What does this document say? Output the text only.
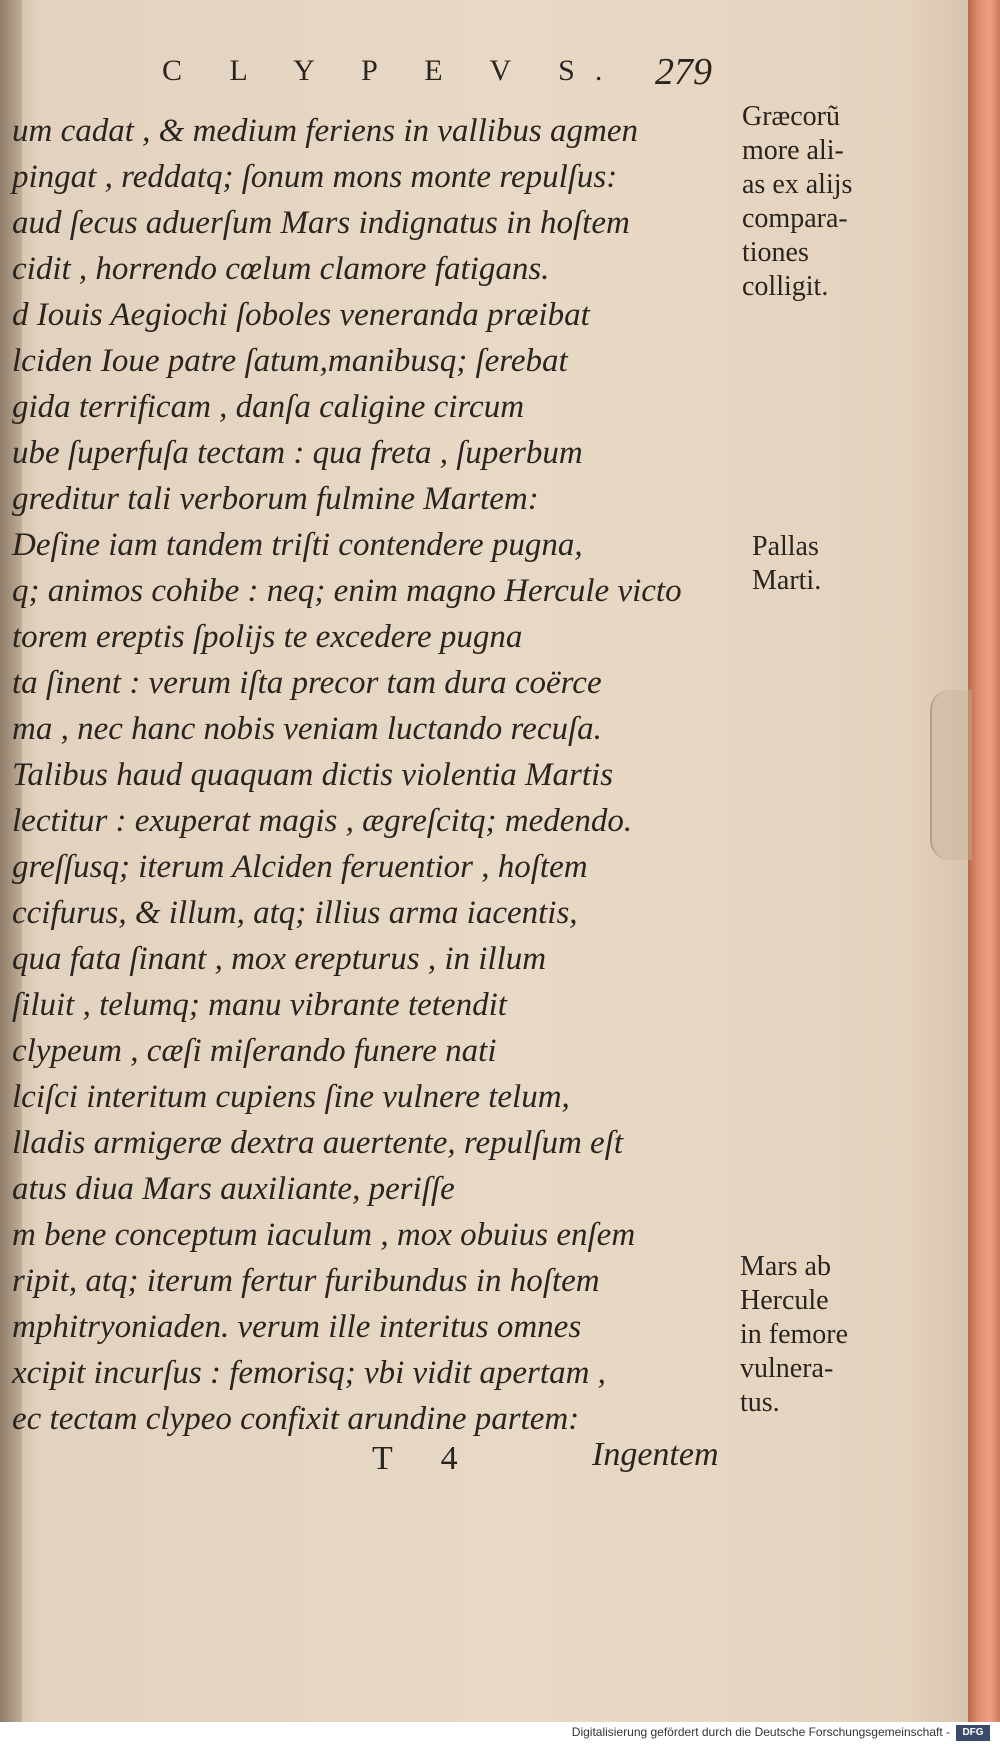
C L Y P E V S. 279
um cadat , & medium feriens in vallibus agmen
pingat , reddatq; ſonum mons monte repulſus:
aud ſecus aduerſum Mars indignatus in hoſtem
cidit , horrendo cœlum clamore fatigans.
d Iouis Aegiochi ſoboles veneranda præibat
lciden Ioue patre ſatum,manibusq; ſerebat
gida terrificam , danſa caligine circum
ube ſuperfuſa tectam : qua freta , ſuperbum
greditur tali verborum fulmine Martem:
Deſine iam tandem triſti contendere pugna,
q; animos cohibe : neq; enim magno Hercule victo
torem ereptis ſpolijs te excedere pugna
ta ſinent : verum iſta precor tam dura coërce
ma , nec hanc nobis veniam luctando recuſa.
Talibus haud quaquam dictis violentia Martis
lectitur : exuperat magis , ægreſcitq; medendo.
greſſusq; iterum Alciden feruentior , hoſtem
ccifurus, & illum, atq; illius arma iacentis,
qua fata ſinant , mox erepturus , in illum
ſiluit , telumq; manu vibrante tetendit
clypeum , cæſi miſerando funere nati
lciſci interitum cupiens ſine vulnere telum,
lladis armigeræ dextra auertente, repulſum eſt
atus diua Mars auxiliante, periſſe
m bene conceptum iaculum , mox obuius enſem
ripit, atq; iterum fertur furibundus in hoſtem
mphitryoniaden. verum ille interitus omnes
xcipit incurſus : femorisq; vbi vidit apertam ,
ec tectam clypeo confixit arundine partem:
Græcorũ
more ali-
as ex alijs
compara-
tiones
colligit.
Pallas
Marti.
Mars ab
Hercule
in femore
vulnera-
tus.
T 4	Ingentem
Digitalisierung gefördert durch die Deutsche Forschungsgemeinschaft -	DFG
